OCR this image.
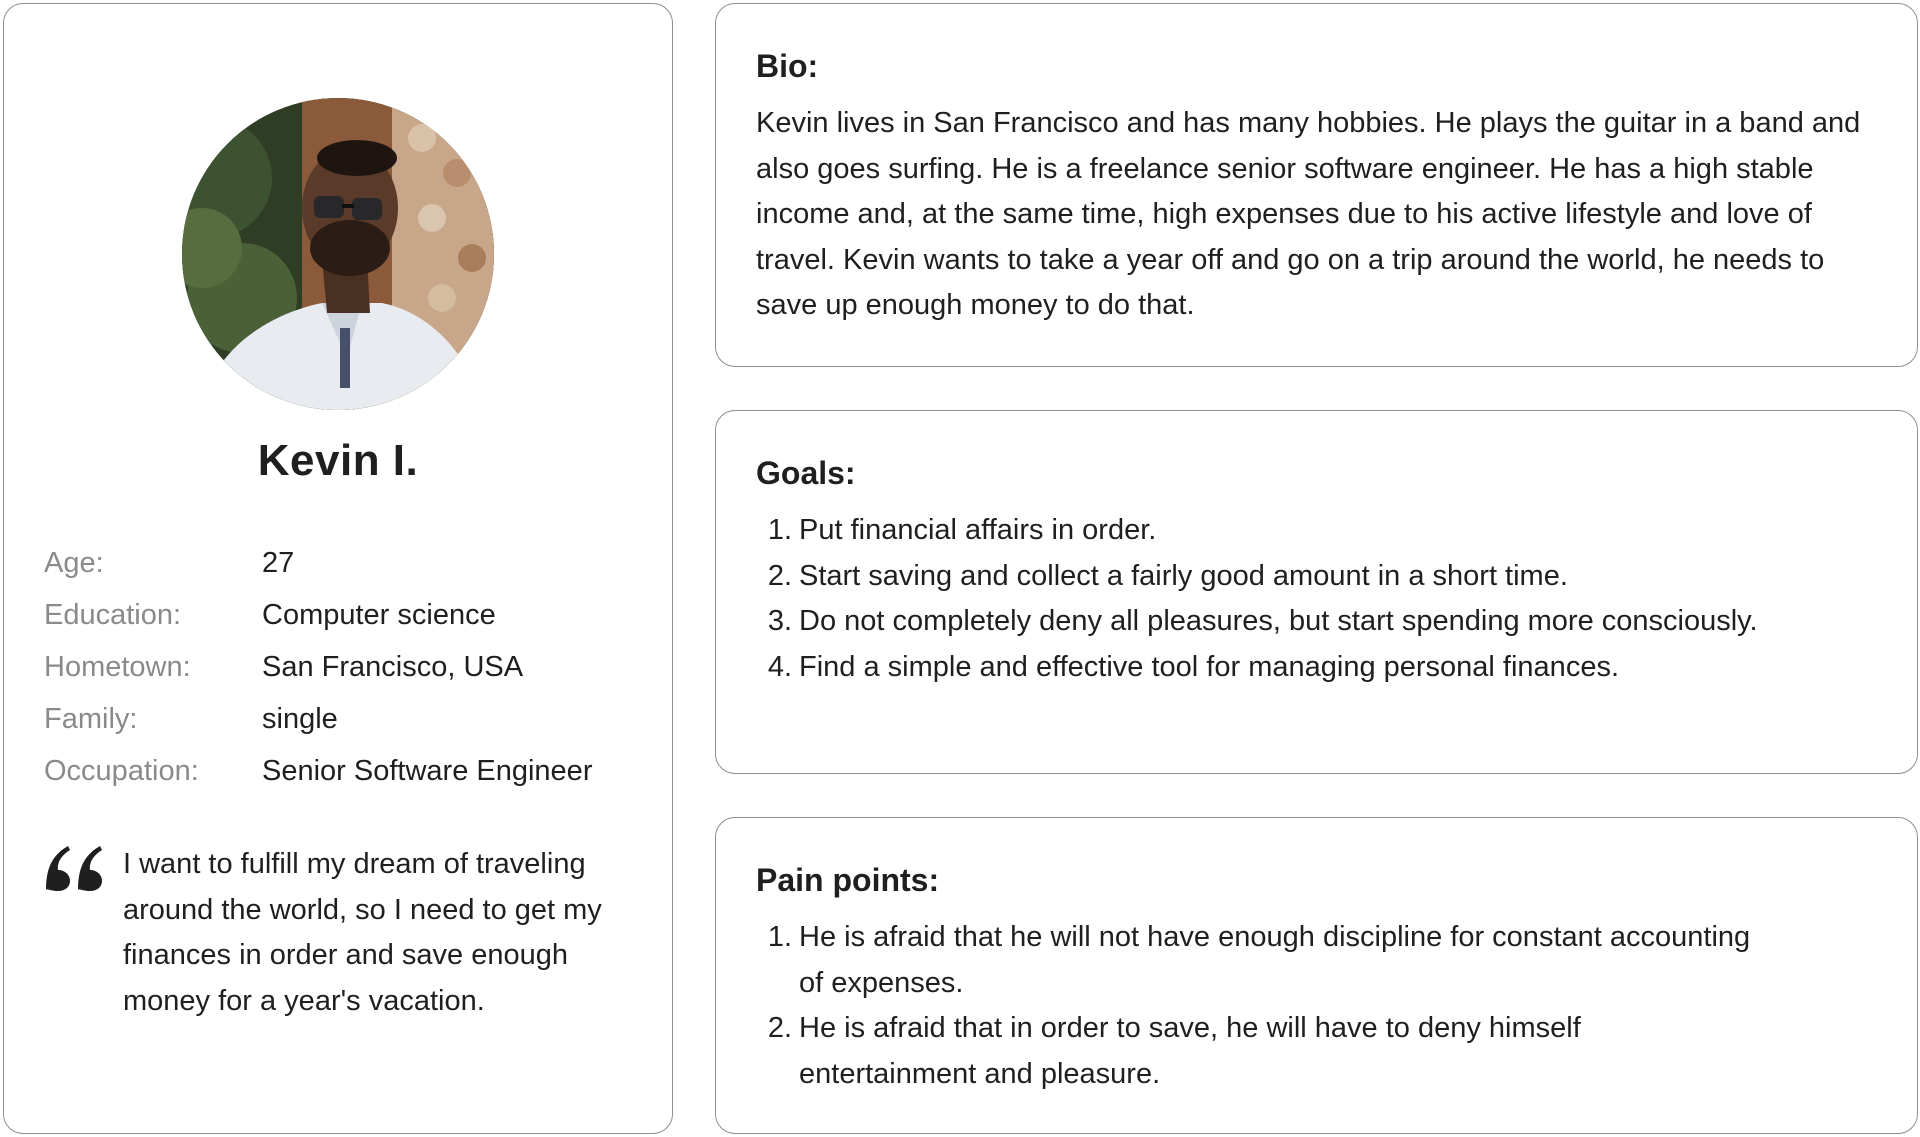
Kevin I.
Age:	27
Education:	Computer science
Hometown:	San Francisco, USA
Family:	single
Occupation:	Senior Software Engineer
I want to fulfill my dream of traveling around the world, so I need to get my finances in order and save enough money for a year's vacation.
Bio:

Kevin lives in San Francisco and has many hobbies. He plays the guitar in a band and also goes surfing. He is a freelance senior software engineer. He has a high stable income and, at the same time, high expenses due to his active lifestyle and love of travel. Kevin wants to take a year off and go on a trip around the world, he needs to save up enough money to do that.

Goals:
1. Put financial affairs in order.
2. Start saving and collect a fairly good amount in a short time.
3. Do not completely deny all pleasures, but start spending more consciously.
4. Find a simple and effective tool for managing personal finances.
Pain points:
1. He is afraid that he will not have enough discipline for constant accounting of expenses.
2. He is afraid that in order to save, he will have to deny himself entertainment and pleasure.
